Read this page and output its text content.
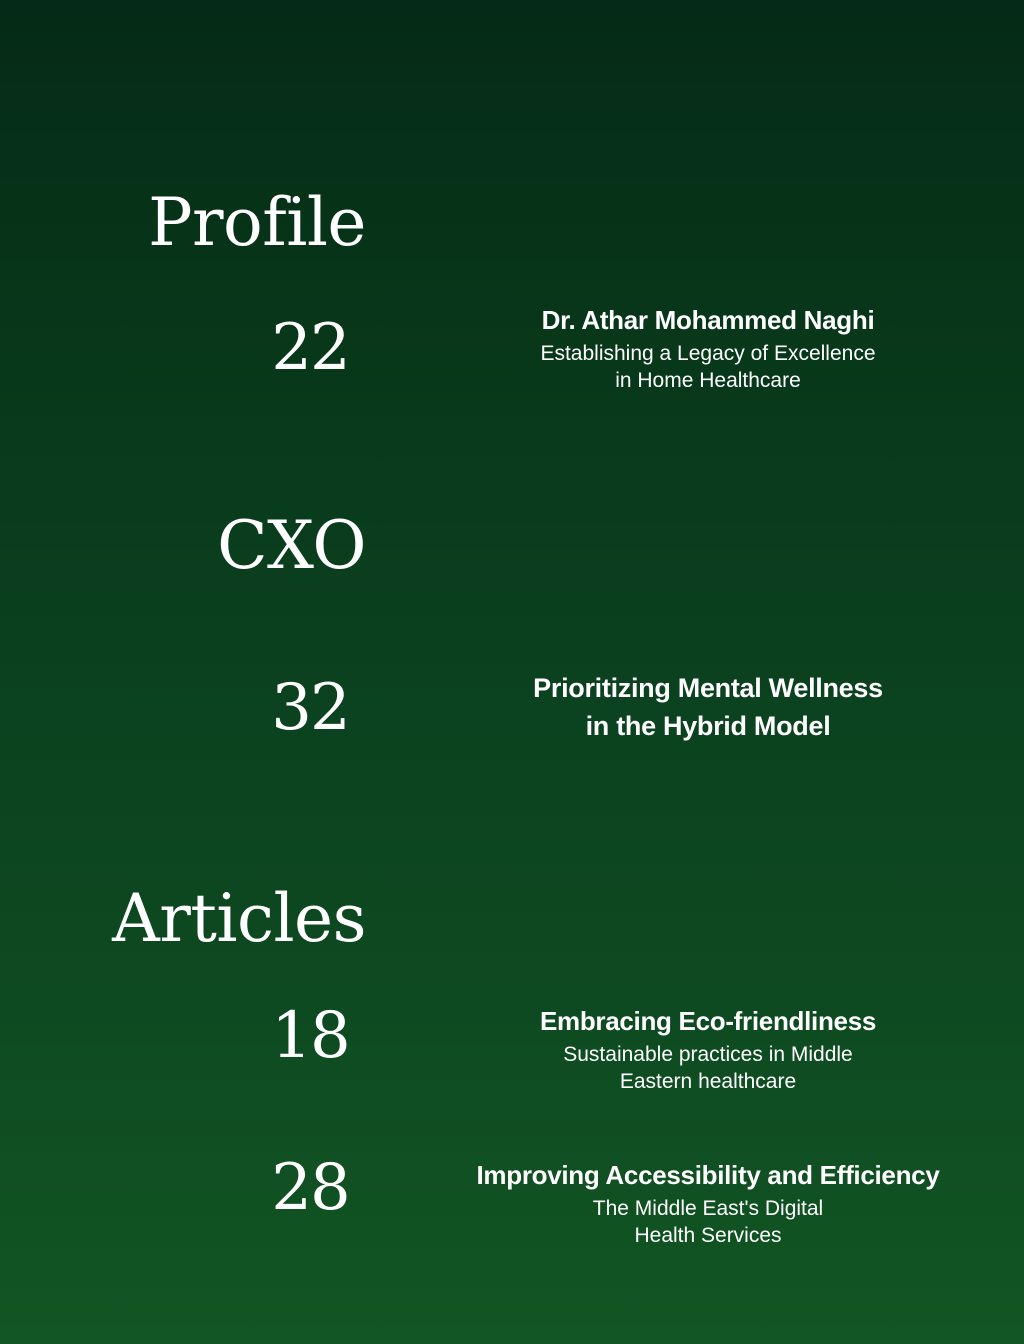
Profile
22	Dr. Athar Mohammed Naghi
Establishing a Legacy of Excellence
in Home Healthcare
CXO
32	Prioritizing Mental Wellness
in the Hybrid Model
Articles
18	Embracing Eco-friendliness
Sustainable practices in Middle
Eastern healthcare
28	Improving Accessibility and Efficiency
The Middle East's Digital
Health Services
